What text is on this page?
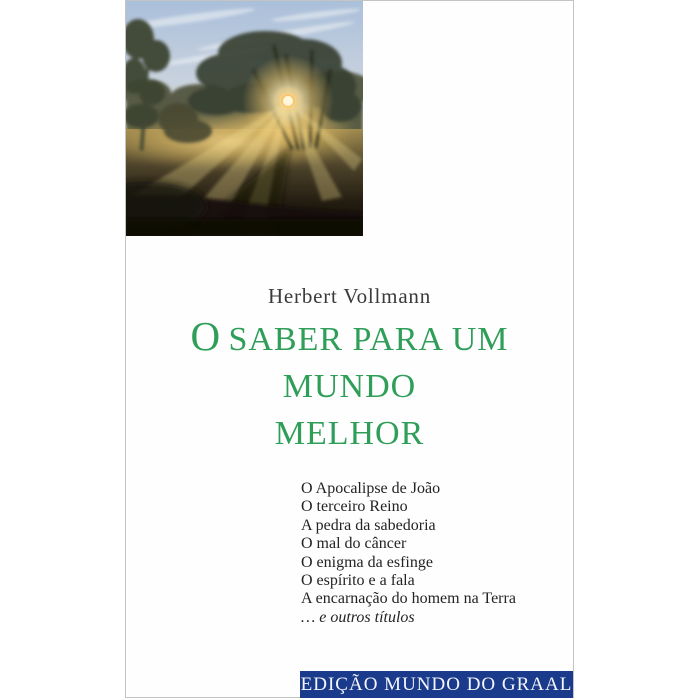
Herbert Vollmann
O SABER PARA UM MUNDO
MELHOR
O Apocalipse de João
O terceiro Reino
A pedra da sabedoria
O mal do câncer
O enigma da esfinge
O espírito e a fala
A encarnação do homem na Terra
… e outros títulos
EDIÇÃO MUNDO DO GRAAL
